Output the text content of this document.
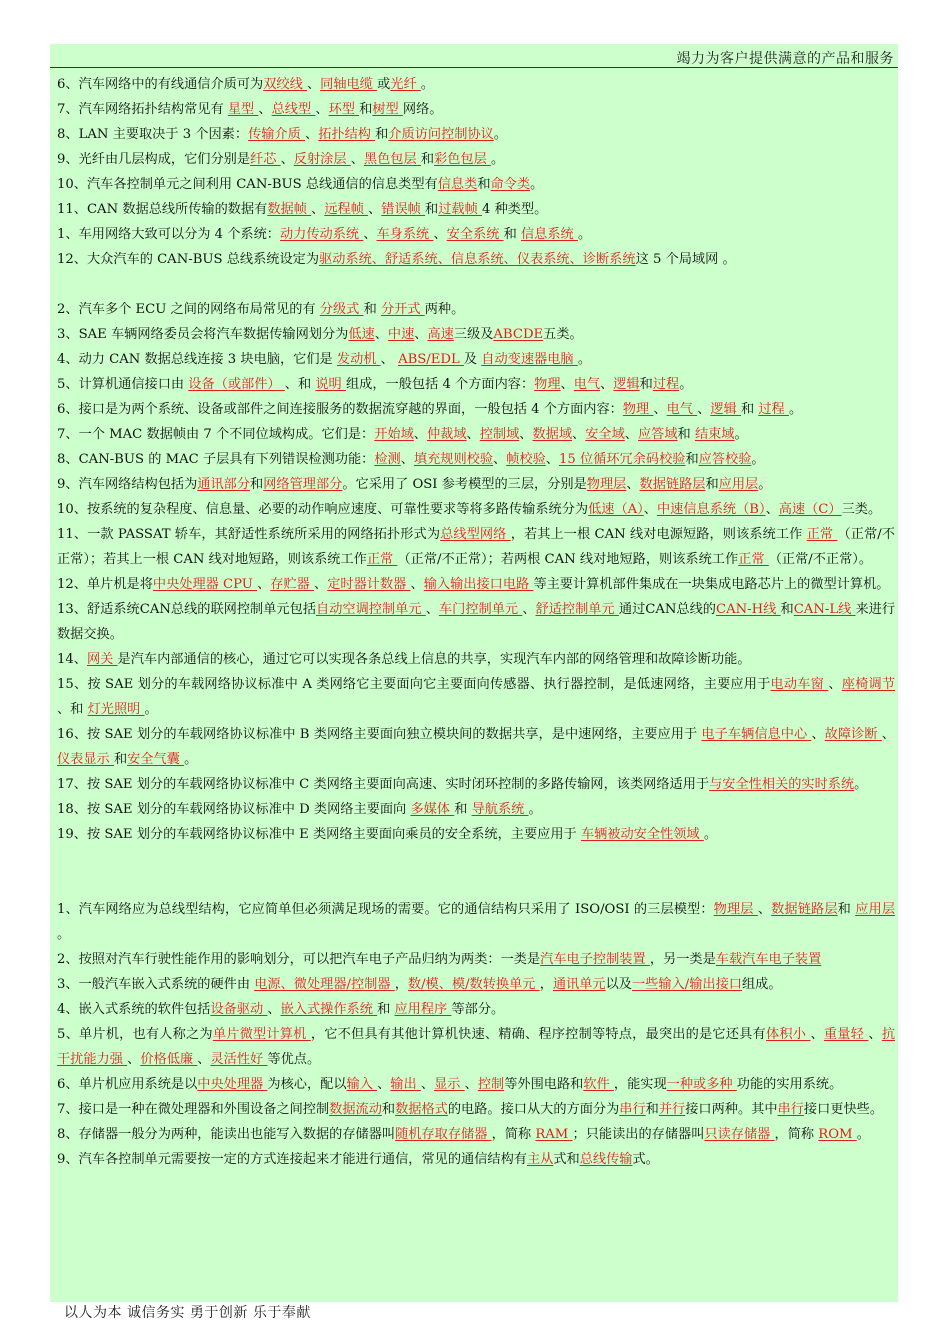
竭力为客户提供满意的产品和服务
6、汽车网络中的有线通信介质可为双绞线 、同轴电缆 或光纤 。
7、汽车网络拓扑结构常见有 星型 、总线型 、环型 和树型 网络。
8、LAN 主要取决于 3 个因素：传输介质 、拓扑结构 和介质访问控制协议。
9、光纤由几层构成，它们分别是纤芯 、反射涂层 、黑色包层 和彩色包层 。
10、汽车各控制单元之间利用 CAN-BUS 总线通信的信息类型有信息类和命令类。
11、CAN 数据总线所传输的数据有数据帧 、远程帧 、错误帧 和过载帧 4 种类型。
1、车用网络大致可以分为 4 个系统：动力传动系统 、车身系统 、安全系统 和 信息系统 。
12、大众汽车的 CAN-BUS 总线系统设定为驱动系统、舒适系统、信息系统、仪表系统、诊断系统这 5 个局域网 。
2、汽车多个 ECU 之间的网络布局常见的有 分级式 和 分开式 两种。
3、SAE 车辆网络委员会将汽车数据传输网划分为低速、中速、高速三级及ABCDE五类。
4、动力 CAN 数据总线连接 3 块电脑，它们是 发动机 、 ABS/EDL 及 自动变速器电脑 。
5、计算机通信接口由 设备（或部件） 、和 说明 组成，一般包括 4 个方面内容：物理、电气、逻辑和过程。
6、接口是为两个系统、设备或部件之间连接服务的数据流穿越的界面，一般包括 4 个方面内容：物理 、电气 、逻辑 和 过程 。
7、一个 MAC 数据帧由 7 个不同位域构成。它们是：开始域、仲裁域、控制域、数据域、安全域、应答域和 结束域。
8、CAN-BUS 的 MAC 子层具有下列错误检测功能：检测、填充规则校验、帧校验、15 位循环冗余码校验和应答校验。
9、汽车网络结构包括为通讯部分和网络管理部分。它采用了 OSI 参考模型的三层，分别是物理层、数据链路层和应用层。
10、按系统的复杂程度、信息量、必要的动作响应速度、可靠性要求等将多路传输系统分为低速（A）、中速信息系统（B）、高速（C）三类。
11、一款 PASSAT 轿车，其舒适性系统所采用的网络拓扑形式为总线型网络 ，若其上一根 CAN 线对电源短路，则该系统工作 正常 （正常/不正常）；若其上一根 CAN 线对地短路，则该系统工作正常 （正常/不正常）；若两根 CAN 线对地短路，则该系统工作正常 （正常/不正常）。
12、单片机是将中央处理器 CPU 、存贮器 、定时器计数器 、输入输出接口电路 等主要计算机部件集成在一块集成电路芯片上的微型计算机。
13、舒适系统CAN总线的联网控制单元包括自动空调控制单元 、车门控制单元 、舒适控制单元 通过CAN总线的CAN-H线 和CAN-L线 来进行数据交换。
14、网关 是汽车内部通信的核心，通过它可以实现各条总线上信息的共享，实现汽车内部的网络管理和故障诊断功能。
15、按 SAE 划分的车载网络协议标准中 A 类网络它主要面向它主要面向传感器、执行器控制，是低速网络，主要应用于电动车窗 、座椅调节 、和 灯光照明 。
16、按 SAE 划分的车载网络协议标准中 B 类网络主要面向独立模块间的数据共享，是中速网络，主要应用于 电子车辆信息中心 、故障诊断 、仪表显示 和安全气囊 。
17、按 SAE 划分的车载网络协议标准中 C 类网络主要面向高速、实时闭环控制的多路传输网，该类网络适用于与安全性相关的实时系统。
18、按 SAE 划分的车载网络协议标准中 D 类网络主要面向 多媒体 和 导航系统 。
19、按 SAE 划分的车载网络协议标准中 E 类网络主要面向乘员的安全系统，主要应用于 车辆被动安全性领域 。
1、汽车网络应为总线型结构，它应简单但必须满足现场的需要。它的通信结构只采用了 ISO/OSI 的三层模型：物理层 、数据链路层和 应用层 。
2、按照对汽车行驶性能作用的影响划分，可以把汽车电子产品归纳为两类：一类是汽车电子控制装置 ，另一类是车载汽车电子装置
3、一般汽车嵌入式系统的硬件由 电源、微处理器/控制器 ，数/模、模/数转换单元 ，通讯单元以及一些输入/输出接口组成。
4、嵌入式系统的软件包括设备驱动 、嵌入式操作系统 和 应用程序 等部分。
5、单片机，也有人称之为单片微型计算机 ，它不但具有其他计算机快速、精确、程序控制等特点，最突出的是它还具有体积小 、重量轻 、抗干扰能力强 、价格低廉 、灵活性好 等优点。
6、单片机应用系统是以中央处理器 为核心，配以输入 、输出 、显示 、控制等外围电路和软件 ，能实现一种或多种 功能的实用系统。
7、接口是一种在微处理器和外围设备之间控制数据流动和数据格式的电路。接口从大的方面分为串行和并行接口两种。其中串行接口更快些。
8、存储器一般分为两种，能读出也能写入数据的存储器叫随机存取存储器 ，简称 RAM ；只能读出的存储器叫只读存储器 ，简称 ROM 。
9、汽车各控制单元需要按一定的方式连接起来才能进行通信，常见的通信结构有主从式和总线传输式。
以人为本 诚信务实 勇于创新 乐于奉献
